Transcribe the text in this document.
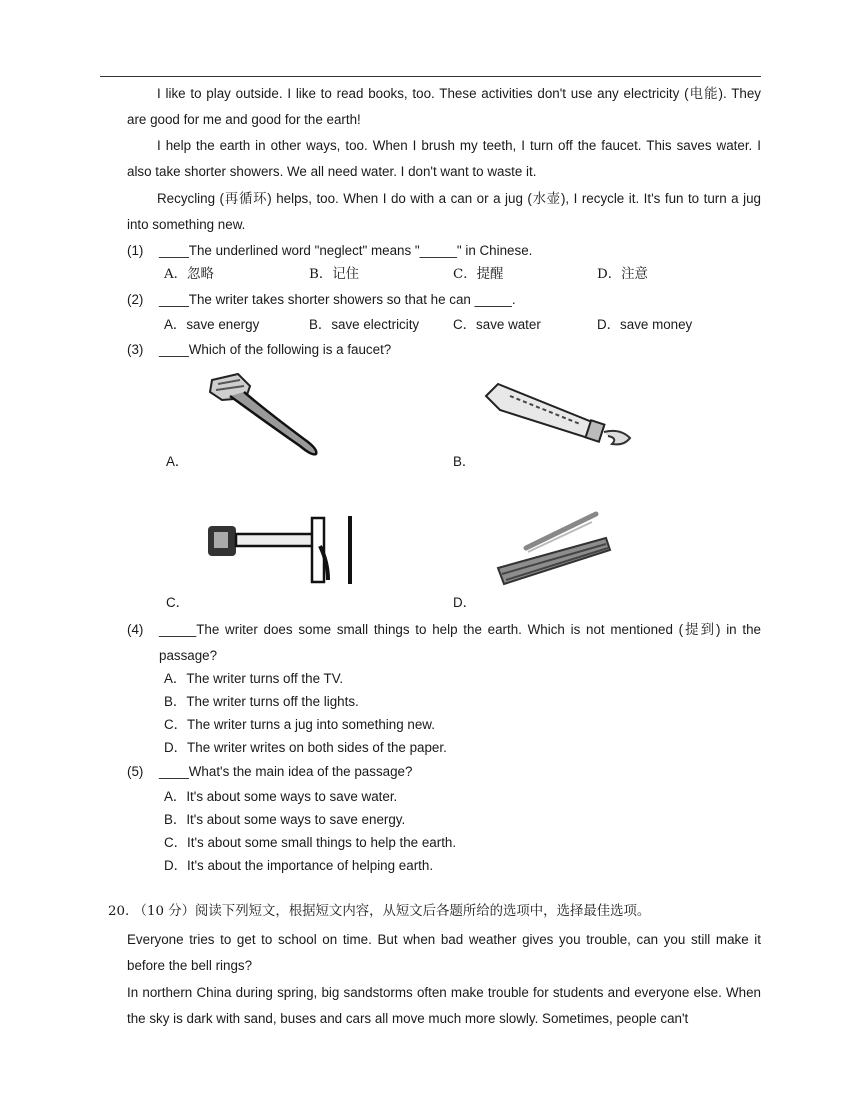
I like to play outside. I like to read books, too. These activities don't use any electricity (电能). They are good for me and good for the earth!

I help the earth in other ways, too. When I brush my teeth, I turn off the faucet. This saves water. I also take shorter showers. We all need water. I don't want to waste it.

Recycling (再循环) helps, too. When I do with a can or a jug (水壶), I recycle it. It's fun to turn a jug into something new.

(1) ____The underlined word "neglect" means "_____" in Chinese.
A．忽略	B．记住	C．提醒	D．注意
(2) ____The writer takes shorter showers so that he can _____.
A．save energy	B．save electricity	C．save water	D．save money
(3) ____Which of the following is a faucet?
A．	B．
C．	D．
(4) _____The writer does some small things to help the earth. Which is not mentioned (提到) in the passage?
A．The writer turns off the TV.
B．The writer turns off the lights.
C．The writer turns a jug into something new.
D．The writer writes on both sides of the paper.
(5) ____What's the main idea of the passage?
A．It's about some ways to save water.
B．It's about some ways to save energy.
C．It's about some small things to help the earth.
D．It's about the importance of helping earth.
20. （10 分）阅读下列短文，根据短文内容，从短文后各题所给的选项中，选择最佳选项。

Everyone tries to get to school on time. But when bad weather gives you trouble, can you still make it before the bell rings?

In northern China during spring, big sandstorms often make trouble for students and everyone else. When the sky is dark with sand, buses and cars all move much more slowly. Sometimes, people can't
